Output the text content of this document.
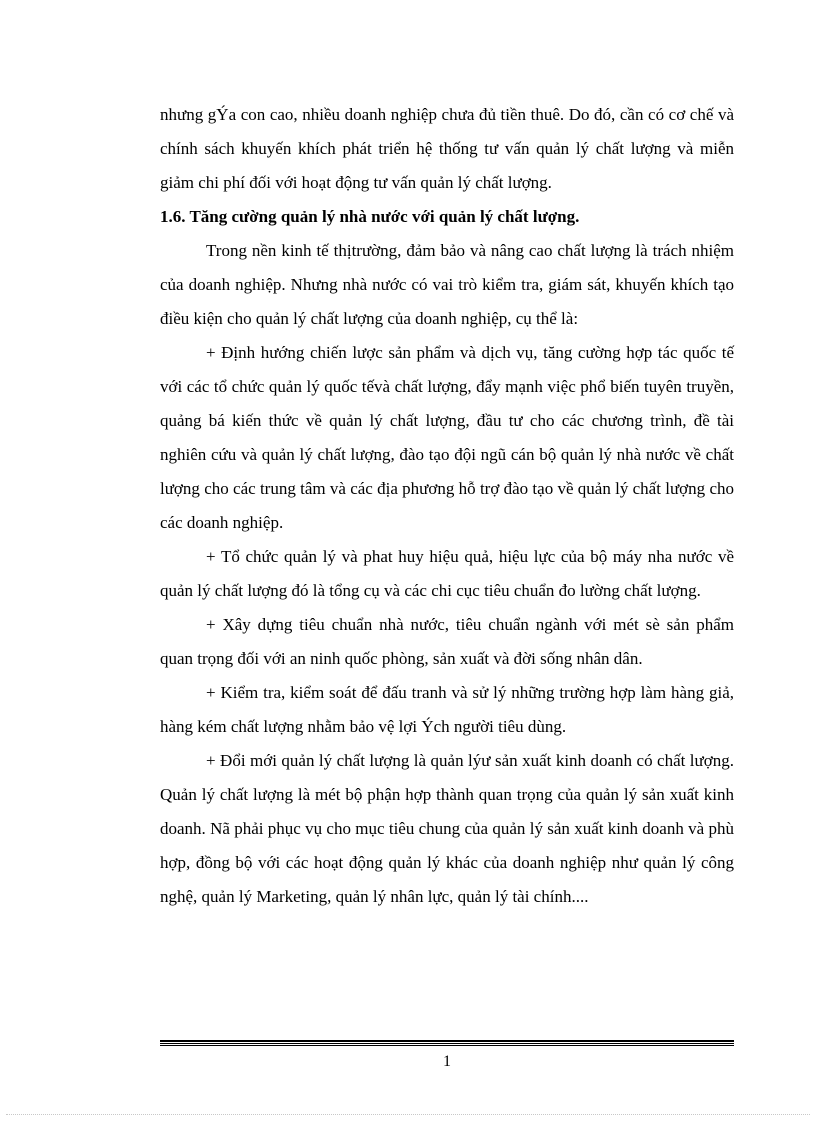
nhưng gÝa con cao, nhiều doanh nghiệp chưa đủ tiền thuê. Do đó, cần có cơ chế và chính sách khuyến khích phát triển hệ thống tư vấn quản lý chất lượng và miễn giảm chi phí đối với hoạt động tư vấn quản lý chất lượng.

1.6. Tăng cường quản lý nhà nước với quản lý chất lượng.

Trong nền kinh tế thịtrường, đảm bảo và nâng cao chất lượng là trách nhiệm của doanh nghiệp. Nhưng nhà nước có vai trò kiểm tra, giám sát, khuyến khích tạo điều kiện cho quản lý chất lượng của doanh nghiệp, cụ thể là:

+ Định hướng chiến lược sản phẩm và dịch vụ, tăng cường hợp tác quốc tế với các tổ chức quản lý quốc tếvà chất lượng, đẩy mạnh việc phổ biến tuyên truyền, quảng bá kiến thức về quản lý chất lượng, đầu tư cho các chương trình, đề tài nghiên cứu và quản lý chất lượng, đào tạo đội ngũ cán bộ quản lý nhà nước về chất lượng cho các trung tâm và các địa phương hỗ trợ đào tạo về quản lý chất lượng cho các doanh nghiệp.

+ Tổ chức quản lý và phat huy hiệu quả, hiệu lực của bộ máy nha nước về quản lý chất lượng đó là tổng cụ và các chi cục tiêu chuẩn đo lường chất lượng.

+ Xây dựng tiêu chuẩn nhà nước, tiêu chuẩn ngành với mét sè sản phẩm quan trọng đối với an ninh quốc phòng, sản xuất và đời sống nhân dân.

+ Kiểm tra, kiểm soát để đấu tranh và sử lý những trường hợp làm hàng giả, hàng kém chất lượng nhằm bảo vệ lợi Ých người tiêu dùng.

+ Đổi mới quản lý chất lượng là quản lýư sản xuất kinh doanh có chất lượng. Quản lý chất lượng là mét bộ phận hợp thành quan trọng của quản lý sản xuất kinh doanh. Nã phải phục vụ cho mục tiêu chung của quản lý sản xuất kinh doanh và phù hợp, đồng bộ với các hoạt động quản lý khác của doanh nghiệp như quản lý công nghệ, quản lý Marketing, quản lý nhân lực, quản lý tài chính....

1
